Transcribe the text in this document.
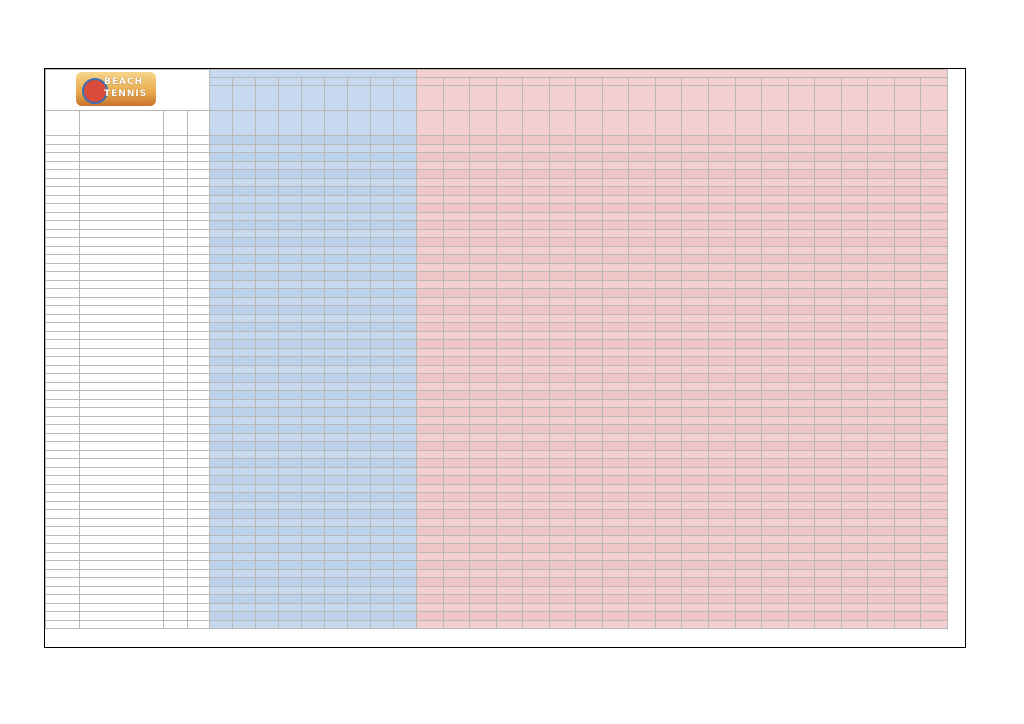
BEACH TENNIS
